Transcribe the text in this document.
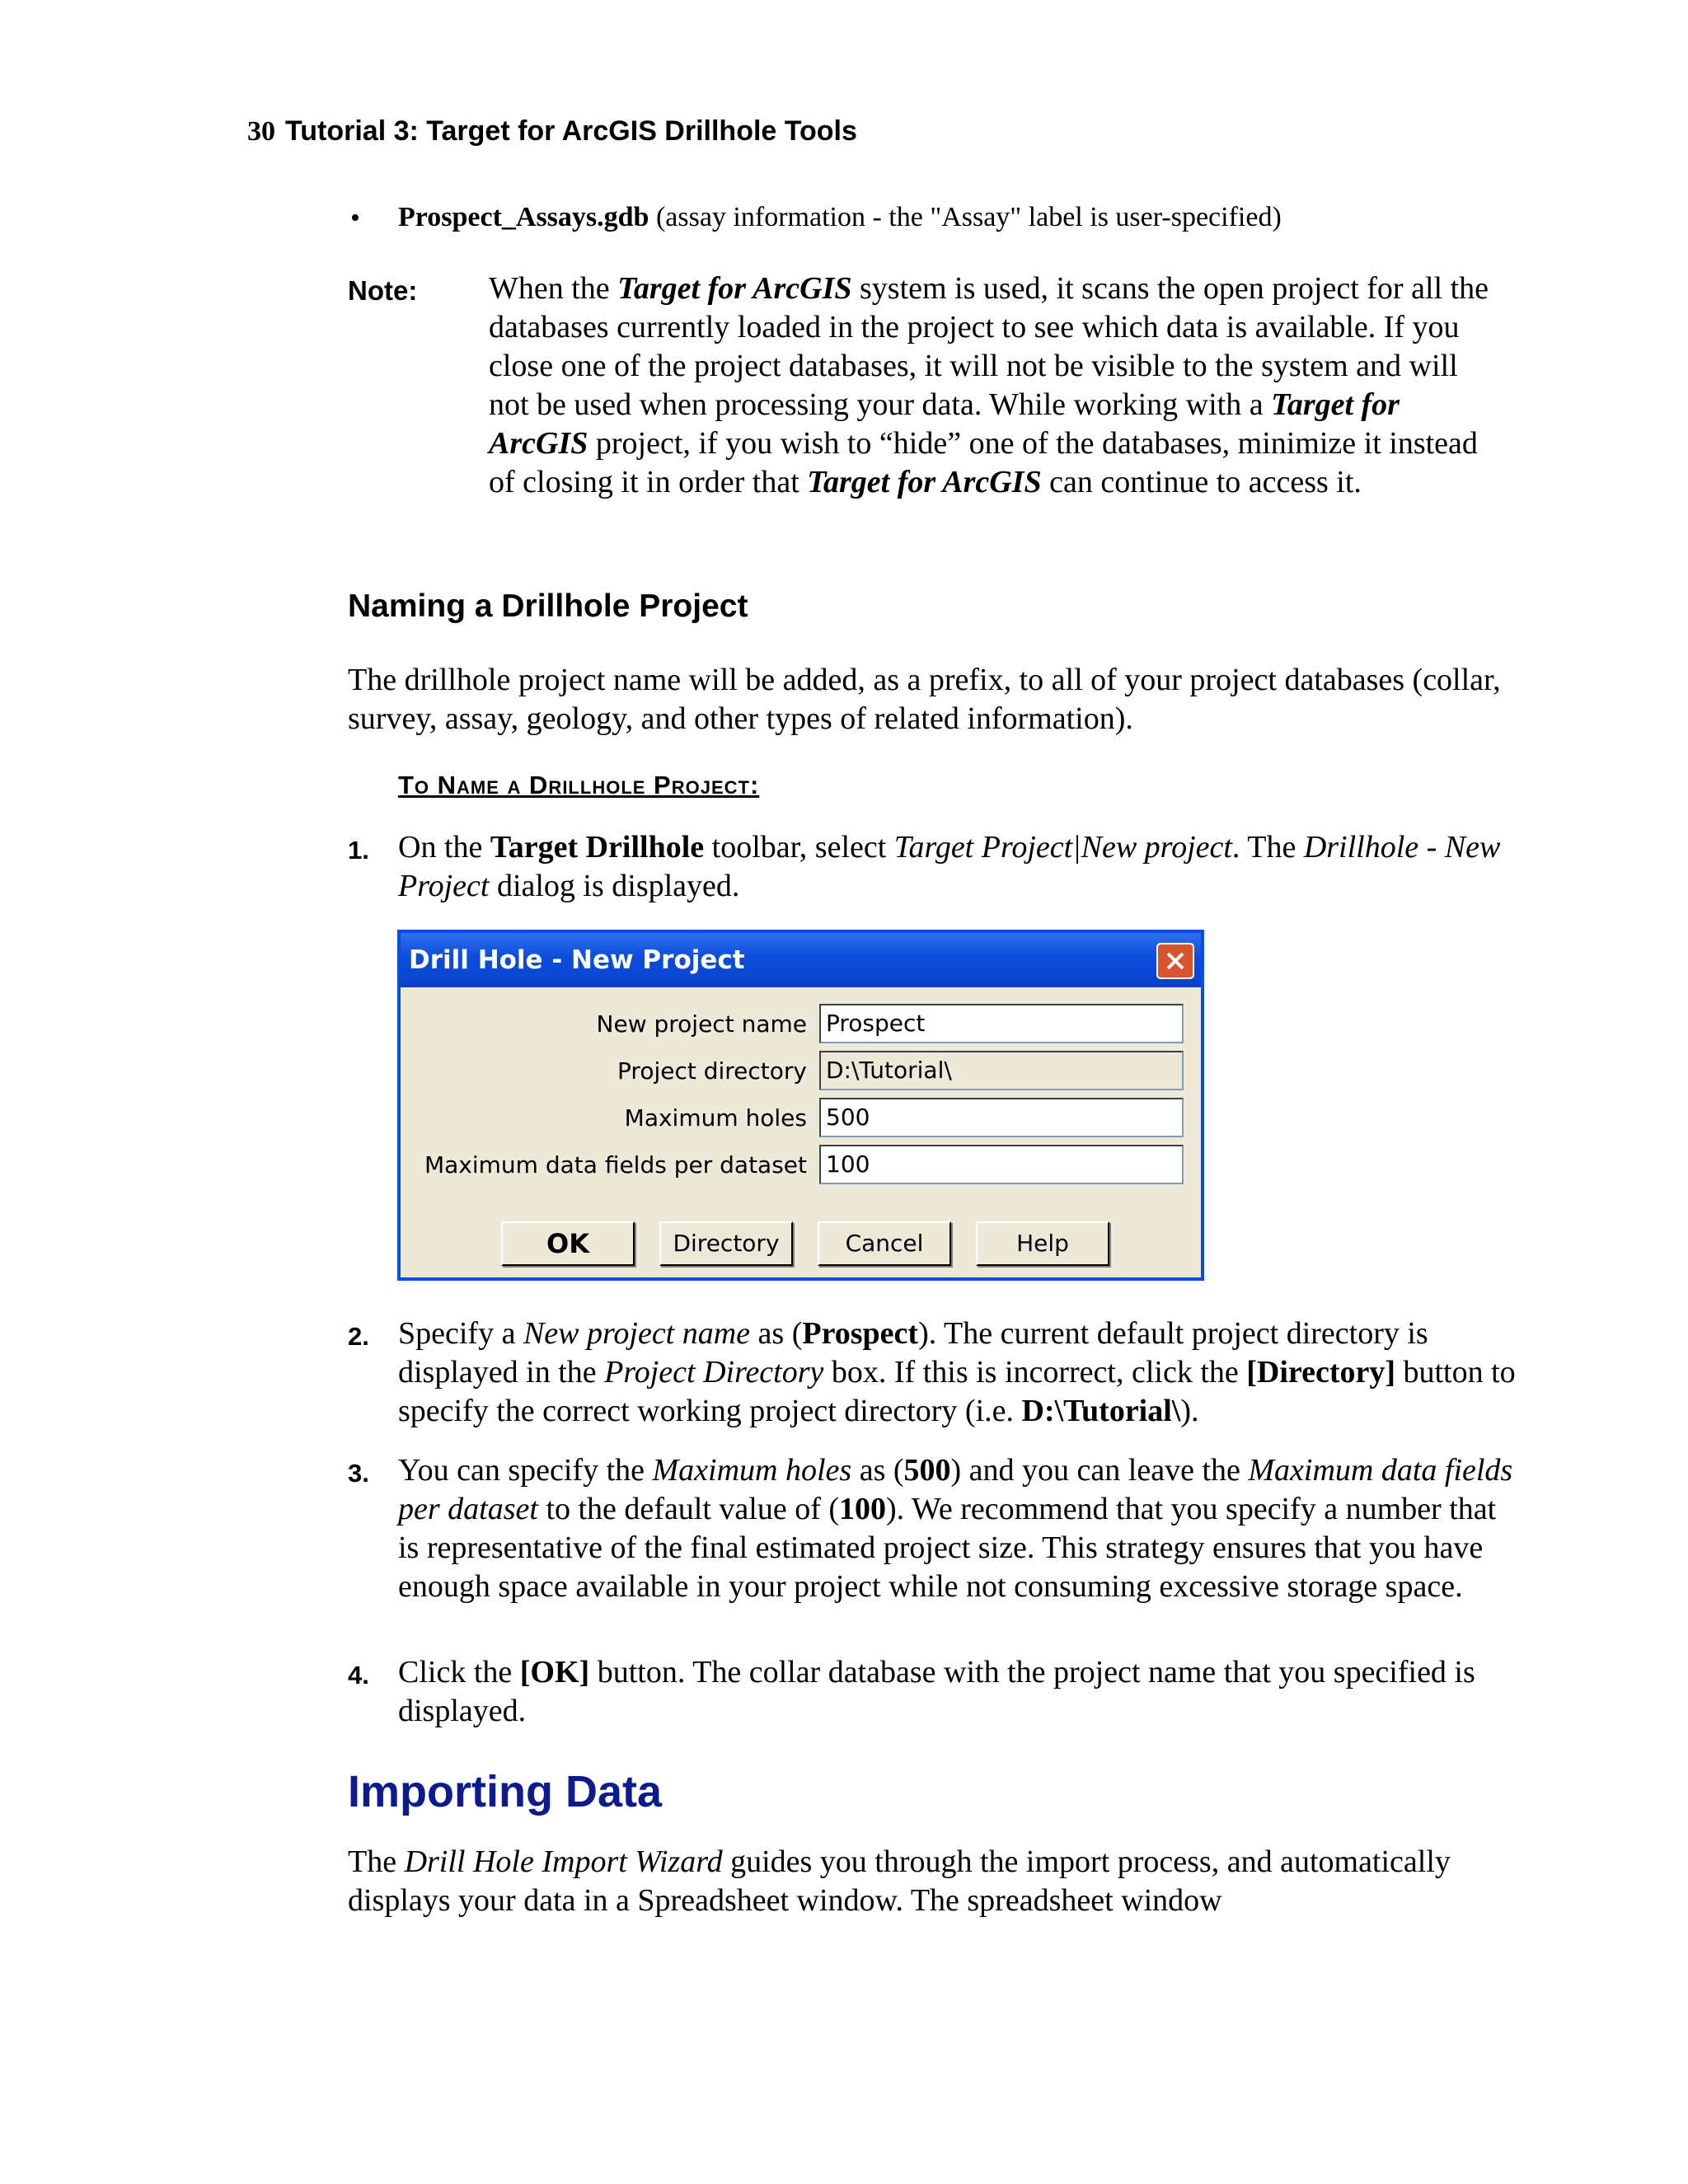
30 Tutorial 3: Target for ArcGIS Drillhole Tools
• Prospect_Assays.gdb (assay information - the "Assay" label is user-specified)
Note: When the Target for ArcGIS system is used, it scans the open project for all the databases currently loaded in the project to see which data is available. If you close one of the project databases, it will not be visible to the system and will not be used when processing your data. While working with a Target for ArcGIS project, if you wish to “hide” one of the databases, minimize it instead of closing it in order that Target for ArcGIS can continue to access it.
Naming a Drillhole Project
The drillhole project name will be added, as a prefix, to all of your project databases (collar, survey, assay, geology, and other types of related information).
To Name a Drillhole Project:
1. On the Target Drillhole toolbar, select Target Project|New project. The Drillhole - New Project dialog is displayed.
Drill Hole - New Project
New project name Prospect
Project directory D:\Tutorial\
Maximum holes 500
Maximum data fields per dataset 100
OK	Directory	Cancel	Help
2. Specify a New project name as (Prospect). The current default project directory is displayed in the Project Directory box. If this is incorrect, click the [Directory] button to specify the correct working project directory (i.e. D:\Tutorial\).
3. You can specify the Maximum holes as (500) and you can leave the Maximum data fields per dataset to the default value of (100). We recommend that you specify a number that is representative of the final estimated project size. This strategy ensures that you have enough space available in your project while not consuming excessive storage space.
4. Click the [OK] button. The collar database with the project name that you specified is displayed.
Importing Data
The Drill Hole Import Wizard guides you through the import process, and automatically displays your data in a Spreadsheet window. The spreadsheet window
